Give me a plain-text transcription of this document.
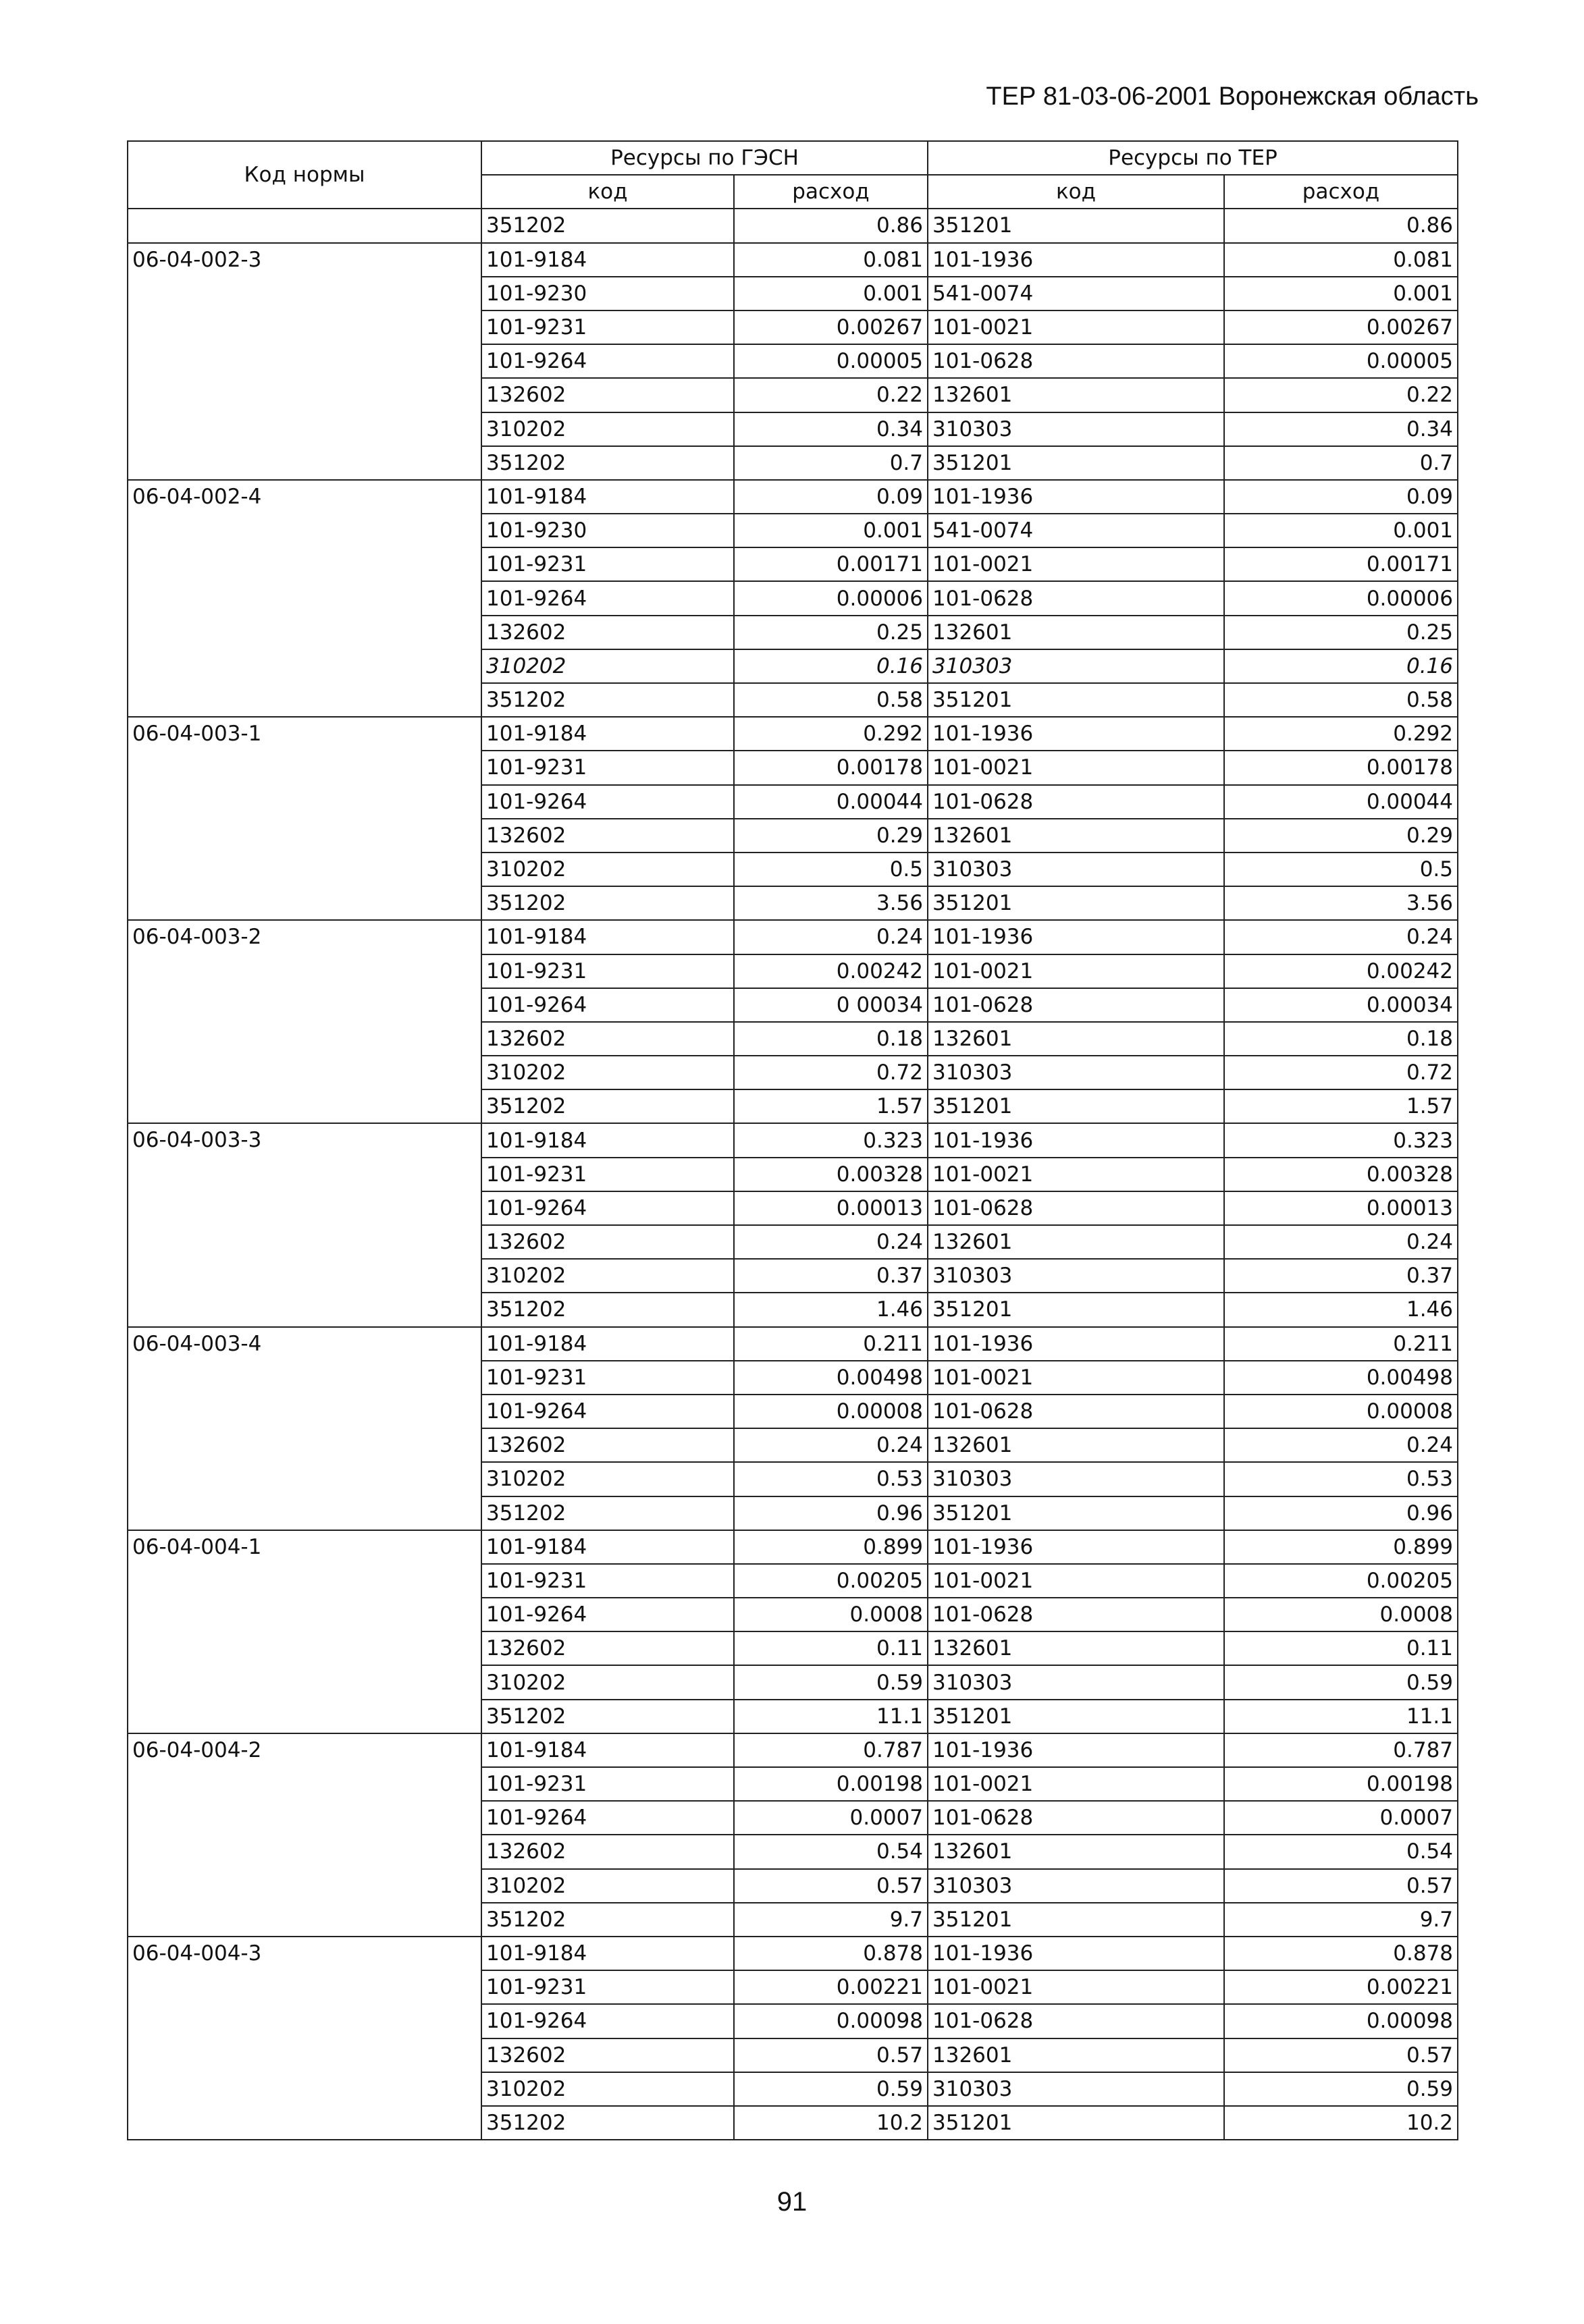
ТЕР 81-03-06-2001 Воронежская область
Код нормы	Ресурсы по ГЭСН		Ресурсы по ТЕР	
	код	расход	код	расход
	351202	0.86	351201	0.86
06-04-002-3	101-9184	0.081	101-1936	0.081
	101-9230	0.001	541-0074	0.001
	101-9231	0.00267	101-0021	0.00267
	101-9264	0.00005	101-0628	0.00005
	132602	0.22	132601	0.22
	310202	0.34	310303	0.34
	351202	0.7	351201	0.7
06-04-002-4	101-9184	0.09	101-1936	0.09
	101-9230	0.001	541-0074	0.001
	101-9231	0.00171	101-0021	0.00171
	101-9264	0.00006	101-0628	0.00006
	132602	0.25	132601	0.25
	310202	0.16	310303	0.16
	351202	0.58	351201	0.58
06-04-003-1	101-9184	0.292	101-1936	0.292
	101-9231	0.00178	101-0021	0.00178
	101-9264	0.00044	101-0628	0.00044
	132602	0.29	132601	0.29
	310202	0.5	310303	0.5
	351202	3.56	351201	3.56
06-04-003-2	101-9184	0.24	101-1936	0.24
	101-9231	0.00242	101-0021	0.00242
	101-9264	0 00034	101-0628	0.00034
	132602	0.18	132601	0.18
	310202	0.72	310303	0.72
	351202	1.57	351201	1.57
06-04-003-3	101-9184	0.323	101-1936	0.323
	101-9231	0.00328	101-0021	0.00328
	101-9264	0.00013	101-0628	0.00013
	132602	0.24	132601	0.24
	310202	0.37	310303	0.37
	351202	1.46	351201	1.46
06-04-003-4	101-9184	0.211	101-1936	0.211
	101-9231	0.00498	101-0021	0.00498
	101-9264	0.00008	101-0628	0.00008
	132602	0.24	132601	0.24
	310202	0.53	310303	0.53
	351202	0.96	351201	0.96
06-04-004-1	101-9184	0.899	101-1936	0.899
	101-9231	0.00205	101-0021	0.00205
	101-9264	0.0008	101-0628	0.0008
	132602	0.11	132601	0.11
	310202	0.59	310303	0.59
	351202	11.1	351201	11.1
06-04-004-2	101-9184	0.787	101-1936	0.787
	101-9231	0.00198	101-0021	0.00198
	101-9264	0.0007	101-0628	0.0007
	132602	0.54	132601	0.54
	310202	0.57	310303	0.57
	351202	9.7	351201	9.7
06-04-004-3	101-9184	0.878	101-1936	0.878
	101-9231	0.00221	101-0021	0.00221
	101-9264	0.00098	101-0628	0.00098
	132602	0.57	132601	0.57
	310202	0.59	310303	0.59
	351202	10.2	351201	10.2
91
